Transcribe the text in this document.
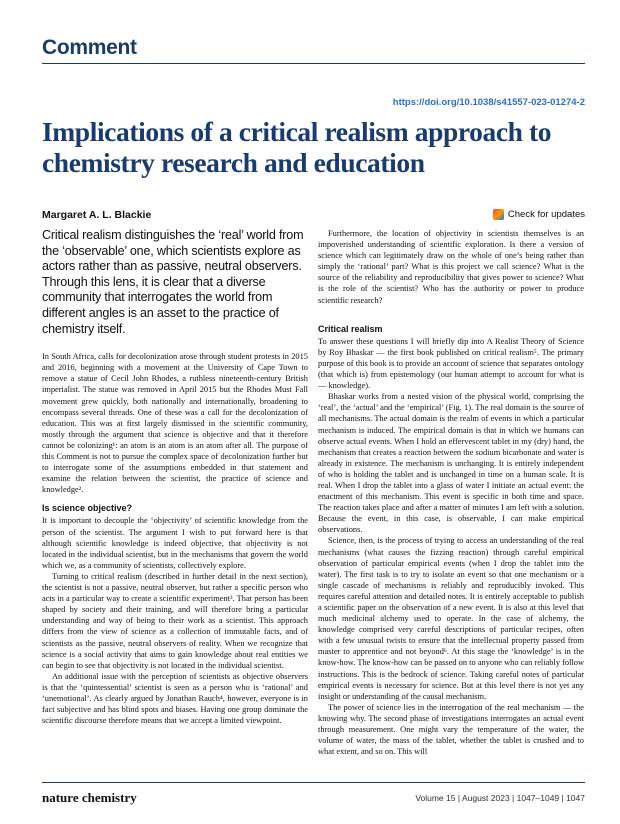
Comment
https://doi.org/10.1038/s41557-023-01274-2
Implications of a critical realism approach to chemistry research and education
Margaret A. L. Blackie	Check for updates

Critical realism distinguishes the ‘real’ world from the ‘observable’ one, which scientists explore as actors rather than as passive, neutral observers. Through this lens, it is clear that a diverse community that interrogates the world from different angles is an asset to the practice of chemistry itself.

In South Africa, calls for decolonization arose through student protests in 2015 and 2016, beginning with a movement at the University of Cape Town to remove a statue of Cecil John Rhodes, a ruthless nineteenth-century British imperialist. The statue was removed in April 2015 but the Rhodes Must Fall movement grew quickly, both nationally and internationally, broadening to encompass several threads. One of these was a call for the decolonization of education. This was at first largely dismissed in the scientific community, mostly through the argument that science is objective and that it therefore cannot be colonizing¹: an atom is an atom is an atom after all. The purpose of this Comment is not to pursue the complex space of decolonization further but to interrogate some of the assumptions embedded in that statement and examine the relation between the scientist, the practice of science and knowledge².

Is science objective?

It is important to decouple the ‘objectivity’ of scientific knowledge from the person of the scientist. The argument I wish to put forward here is that although scientific knowledge is indeed objective, that objectivity is not located in the individual scientist, but in the mechanisms that govern the world which we, as a community of scientists, collectively explore.

Turning to critical realism (described in further detail in the next section), the scientist is not a passive, neutral observer, but rather a specific person who acts in a particular way to create a scientific experiment³. That person has been shaped by society and their training, and will therefore bring a particular understanding and way of being to their work as a scientist. This approach differs from the view of science as a collection of immutable facts, and of scientists as the passive, neutral observers of reality. When we recognize that science is a social activity that aims to gain knowledge about real entities we can begin to see that objectivity is not located in the individual scientist.

An additional issue with the perception of scientists as objective observers is that the ‘quintessential’ scientist is seen as a person who is ‘rational’ and ‘unemotional’. As clearly argued by Jonathan Rauch⁴, however, everyone is in fact subjective and has blind spots and biases. Having one group dominate the scientific discourse therefore means that we accept a limited viewpoint.

Furthermore, the location of objectivity in scientists themselves is an impoverished understanding of scientific exploration. Is there a version of science which can legitimately draw on the whole of one’s being rather than simply the ‘rational’ part? What is this project we call science? What is the source of the reliability and reproducibility that gives power to science? What is the role of the scientist? Who has the authority or power to produce scientific research?

Critical realism

To answer these questions I will briefly dip into A Realist Theory of Science by Roy Bhaskar — the first book published on critical realism⁵. The primary purpose of this book is to provide an account of science that separates ontology (that which is) from epistemology (our human attempt to account for what is — knowledge).

Bhaskar works from a nested vision of the physical world, comprising the ‘real’, the ‘actual’ and the ‘empirical’ (Fig. 1). The real domain is the source of all mechanisms. The actual domain is the realm of events in which a particular mechanism is induced. The empirical domain is that in which we humans can observe actual events. When I hold an effervescent tablet in my (dry) hand, the mechanism that creates a reaction between the sodium bicarbonate and water is already in existence. The mechanism is unchanging. It is entirely independent of who is holding the tablet and is unchanged in time on a human scale. It is real. When I drop the tablet into a glass of water I initiate an actual event: the enactment of this mechanism. This event is specific in both time and space. The reaction takes place and after a matter of minutes I am left with a solution. Because the event, in this case, is observable, I can make empirical observations.

Science, then, is the process of trying to access an understanding of the real mechanisms (what causes the fizzing reaction) through careful empirical observation of particular empirical events (when I drop the tablet into the water). The first task is to try to isolate an event so that one mechanism or a single cascade of mechanisms is reliably and reproducibly invoked. This requires careful attention and detailed notes. It is entirely acceptable to publish a scientific paper on the observation of a new event. It is also at this level that much medicinal alchemy used to operate. In the case of alchemy, the knowledge comprised very careful descriptions of particular recipes, often with a few unusual twists to ensure that the intellectual property passed from master to apprentice and not beyond⁶. At this stage the ‘knowledge’ is in the know-how. The know-how can be passed on to anyone who can reliably follow instructions. This is the bedrock of science. Taking careful notes of particular empirical events is necessary for science. But at this level there is not yet any insight or understanding of the causal mechanism.

The power of science lies in the interrogation of the real mechanism — the knowing why. The second phase of investigations interrogates an actual event through measurement. One might vary the temperature of the water, the volume of water, the mass of the tablet, whether the tablet is crushed and to what extent, and so on. This will

nature chemistry	Volume 15 | August 2023 | 1047–1049 | 1047
